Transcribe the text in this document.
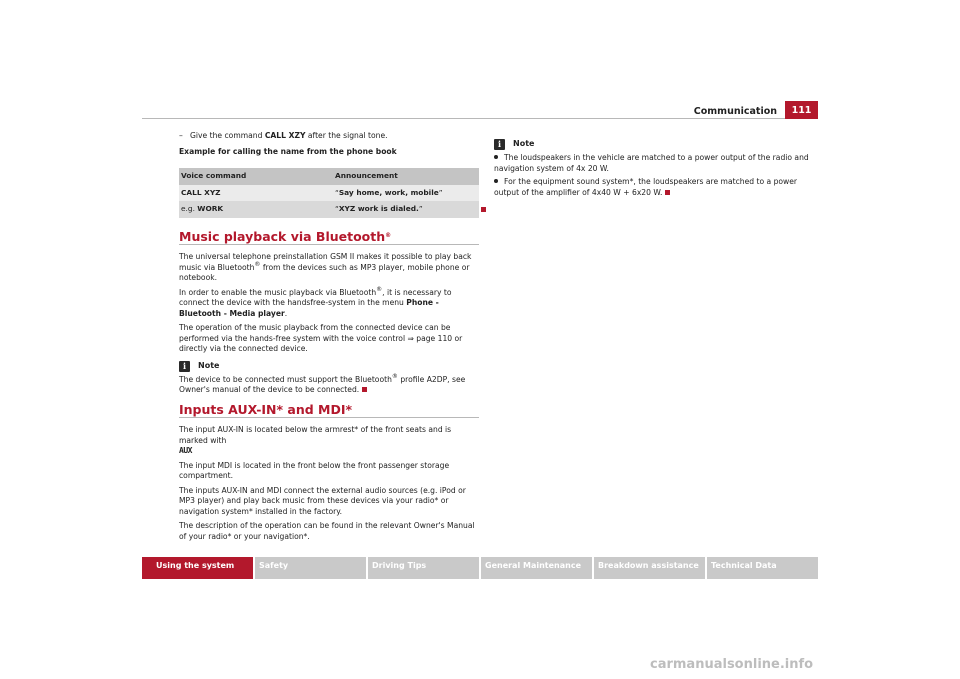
Communication	111

– Give the command CALL XZY after the signal tone.

Example for calling the name from the phone book

Voice command	Announcement
CALL XYZ	“Say home, work, mobile”
e.g. WORK	“XYZ work is dialed.”
Music playback via Bluetooth®

The universal telephone preinstallation GSM II makes it possible to play back music via Bluetooth® from the devices such as MP3 player, mobile phone or notebook.

In order to enable the music playback via Bluetooth®, it is necessary to connect the device with the handsfree-system in the menu Phone - Bluetooth - Media player.

The operation of the music playback from the connected device can be performed via the hands-free system with the voice control ⇒ page 110 or directly via the connected device.

i	Note

The device to be connected must support the Bluetooth® profile A2DP, see Owner's manual of the device to be connected.

Inputs AUX-IN* and MDI*

The input AUX-IN is located below the armrest* of the front seats and is marked with
AUX

The input MDI is located in the front below the front passenger storage compartment.

The inputs AUX-IN and MDI connect the external audio sources (e.g. iPod or MP3 player) and play back music from these devices via your radio* or navigation system* installed in the factory.

The description of the operation can be found in the relevant Owner's Manual of your radio* or your navigation*.

i	Note
The loudspeakers in the vehicle are matched to a power output of the radio and navigation system of 4x 20 W.
For the equipment sound system*, the loudspeakers are matched to a power output of the amplifier of 4x40 W + 6x20 W.
Using the system	Safety	Driving Tips	General Maintenance	Breakdown assistance	Technical Data
carmanualsonline.info
